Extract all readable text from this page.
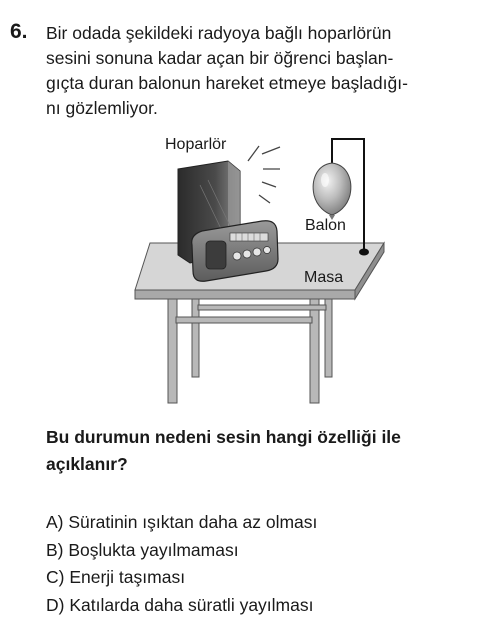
6. Bir odada şekildeki radyoya bağlı hoparlörün
sesini sonuna kadar açan bir öğrenci başlan-
gıçta duran balonun hareket etmeye başladığı-
nı gözlemliyor.
Hoparlör
Balon
Masa
Bu durumun nedeni sesin hangi özelliği ile
açıklanır?
A) Süratinin ışıktan daha az olması
B) Boşlukta yayılmaması
C) Enerji taşıması
D) Katılarda daha süratli yayılması
